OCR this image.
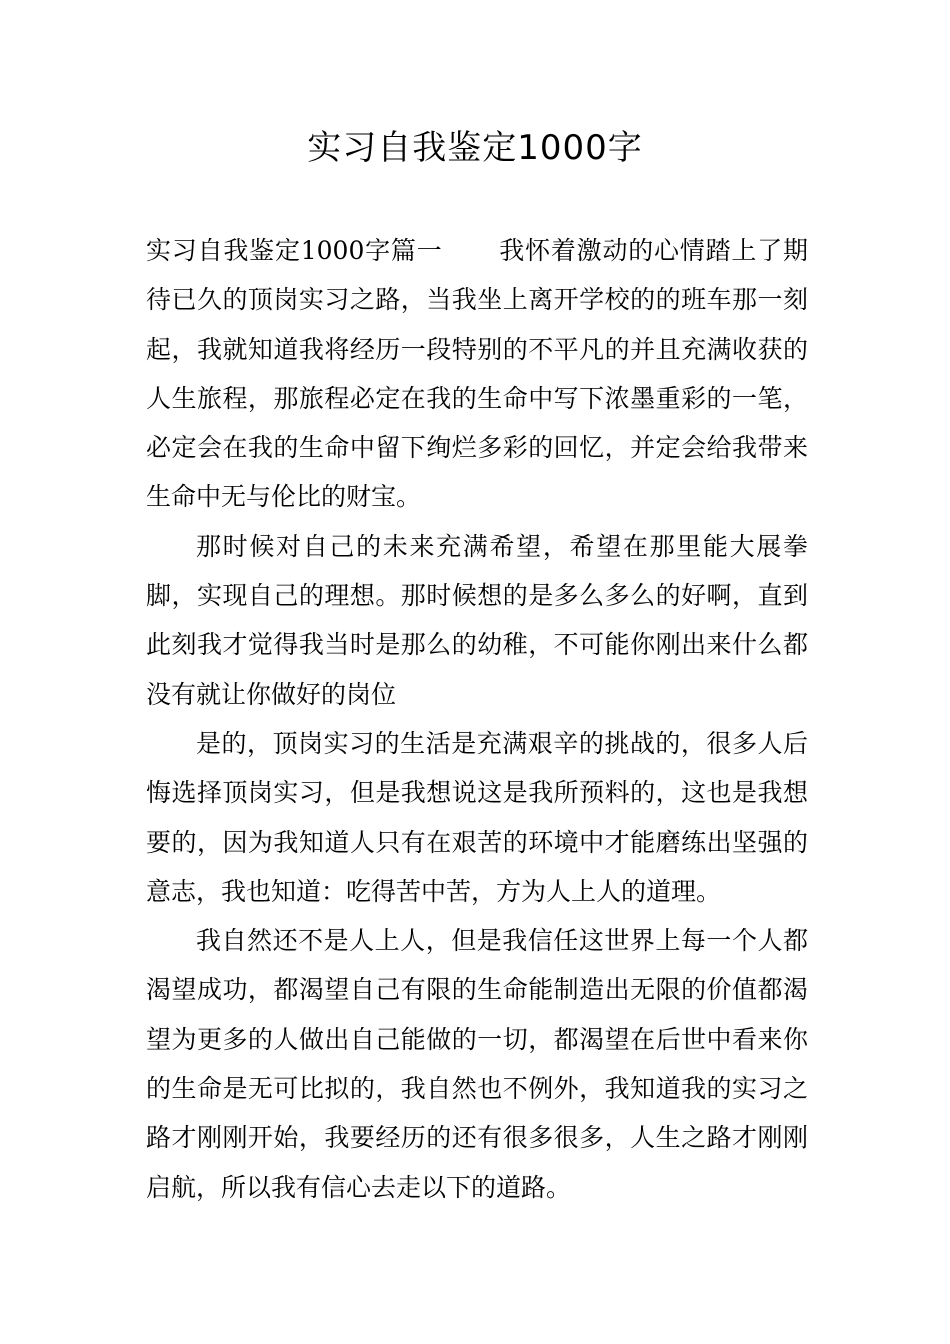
实习自我鉴定1000字

实习自我鉴定1000字篇一 我怀着激动的心情踏上了期待已久的顶岗实习之路，当我坐上离开学校的的班车那一刻起，我就知道我将经历一段特别的不平凡的并且充满收获的人生旅程，那旅程必定在我的生命中写下浓墨重彩的一笔，必定会在我的生命中留下绚烂多彩的回忆，并定会给我带来生命中无与伦比的财宝。

那时候对自己的未来充满希望，希望在那里能大展拳脚，实现自己的理想。那时候想的是多么多么的好啊，直到此刻我才觉得我当时是那么的幼稚，不可能你刚出来什么都没有就让你做好的岗位

是的，顶岗实习的生活是充满艰辛的挑战的，很多人后悔选择顶岗实习，但是我想说这是我所预料的，这也是我想要的，因为我知道人只有在艰苦的环境中才能磨练出坚强的意志，我也知道：吃得苦中苦，方为人上人的道理。

我自然还不是人上人，但是我信任这世界上每一个人都渴望成功，都渴望自己有限的生命能制造出无限的价值都渴望为更多的人做出自己能做的一切，都渴望在后世中看来你的生命是无可比拟的，我自然也不例外，我知道我的实习之路才刚刚开始，我要经历的还有很多很多，人生之路才刚刚启航，所以我有信心去走以下的道路。
